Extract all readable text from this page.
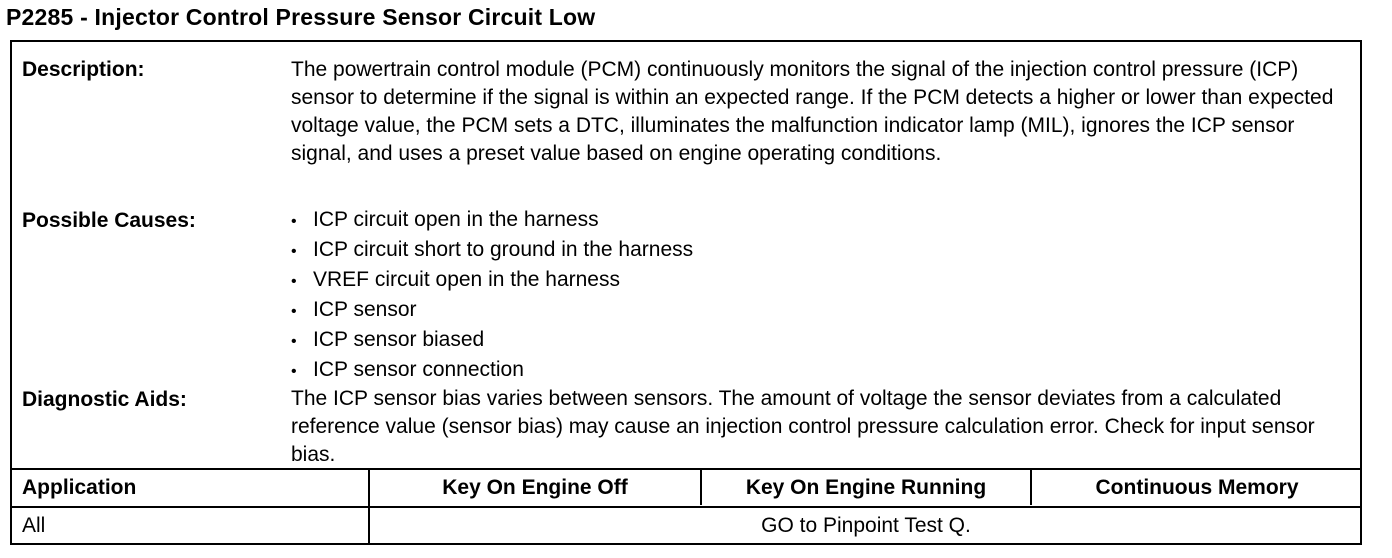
P2285 - Injector Control Pressure Sensor Circuit Low
Description:	The powertrain control module (PCM) continuously monitors the signal of the injection control pressure (ICP) sensor to determine if the signal is within an expected range. If the PCM detects a higher or lower than expected voltage value, the PCM sets a DTC, illuminates the malfunction indicator lamp (MIL), ignores the ICP sensor signal, and uses a preset value based on engine operating conditions.
Possible Causes:	• ICP circuit open in the harness
• ICP circuit short to ground in the harness
• VREF circuit open in the harness
• ICP sensor
• ICP sensor biased
• ICP sensor connection
Diagnostic Aids:	The ICP sensor bias varies between sensors. The amount of voltage the sensor deviates from a calculated reference value (sensor bias) may cause an injection control pressure calculation error. Check for input sensor bias.
Application	Key On Engine Off	Key On Engine Running	Continuous Memory
All	GO to Pinpoint Test Q.
